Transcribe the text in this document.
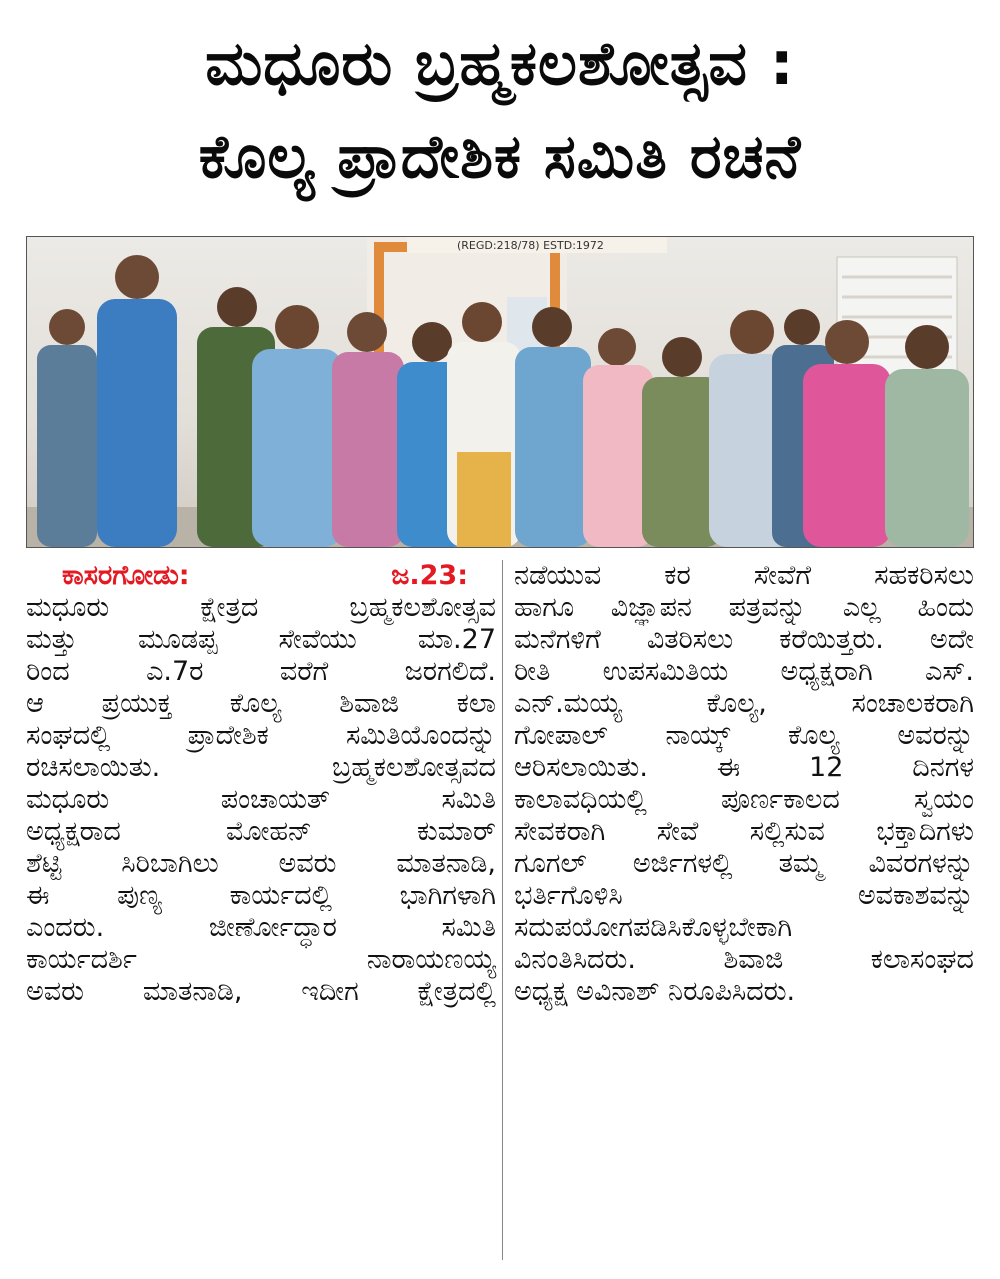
ಮಧೂರು ಬ್ರಹ್ಮಕಲಶೋತ್ಸವ :
ಕೊಲ್ಯ ಪ್ರಾದೇಶಿಕ ಸಮಿತಿ ರಚನೆ
(REGD:218/78) ESTD:1972
ಕಾಸರಗೋಡು:	ಜ.23:

ಮಧೂರು ಕ್ಷೇತ್ರದ ಬ್ರಹ್ಮಕಲಶೋತ್ಸವ

ಮತ್ತು ಮೂಡಪ್ಪ ಸೇವೆಯು ಮಾ.27

ರಿಂದ ಎ.7ರ ವರೆಗೆ ಜರಗಲಿದೆ.

ಆ ಪ್ರಯುಕ್ತ ಕೊಲ್ಯ ಶಿವಾಜಿ ಕಲಾ

ಸಂಘದಲ್ಲಿ ಪ್ರಾದೇಶಿಕ ಸಮಿತಿಯೊಂದನ್ನು

ರಚಿಸಲಾಯಿತು. ಬ್ರಹ್ಮಕಲಶೋತ್ಸವದ

ಮಧೂರು ಪಂಚಾಯತ್ ಸಮಿತಿ

ಅಧ್ಯಕ್ಷರಾದ ಮೋಹನ್ ಕುಮಾರ್

ಶೆಟ್ಟಿ ಸಿರಿಬಾಗಿಲು ಅವರು ಮಾತನಾಡಿ,

ಈ ಪುಣ್ಯ ಕಾರ್ಯದಲ್ಲಿ ಭಾಗಿಗಳಾಗಿ

ಎಂದರು. ಜೀರ್ಣೋದ್ಧಾರ ಸಮಿತಿ

ಕಾರ್ಯದರ್ಶಿ ನಾರಾಯಣಯ್ಯ

ಅವರು ಮಾತನಾಡಿ, ಇದೀಗ ಕ್ಷೇತ್ರದಲ್ಲಿ

ನಡೆಯುವ ಕರ ಸೇವೆಗೆ ಸಹಕರಿಸಲು

ಹಾಗೂ ವಿಜ್ಞಾಪನ ಪತ್ರವನ್ನು ಎಲ್ಲ ಹಿಂದು

ಮನೆಗಳಿಗೆ ವಿತರಿಸಲು ಕರೆಯಿತ್ತರು. ಅದೇ

ರೀತಿ ಉಪಸಮಿತಿಯ ಅಧ್ಯಕ್ಷರಾಗಿ ಎಸ್.

ಎನ್.ಮಯ್ಯ ಕೊಲ್ಯ, ಸಂಚಾಲಕರಾಗಿ

ಗೋಪಾಲ್ ನಾಯ್ಕ್ ಕೊಲ್ಯ ಅವರನ್ನು

ಆರಿಸಲಾಯಿತು. ಈ 12 ದಿನಗಳ

ಕಾಲಾವಧಿಯಲ್ಲಿ ಪೂರ್ಣಕಾಲದ ಸ್ವಯಂ

ಸೇವಕರಾಗಿ ಸೇವೆ ಸಲ್ಲಿಸುವ ಭಕ್ತಾದಿಗಳು

ಗೂಗಲ್ ಅರ್ಜಿಗಳಲ್ಲಿ ತಮ್ಮ ವಿವರಗಳನ್ನು

ಭರ್ತಿಗೊಳಿಸಿ ಅವಕಾಶವನ್ನು

ಸದುಪಯೋಗಪಡಿಸಿಕೊಳ್ಳಬೇಕಾಗಿ

ವಿನಂತಿಸಿದರು. ಶಿವಾಜಿ ಕಲಾಸಂಘದ

ಅಧ್ಯಕ್ಷ ಅವಿನಾಶ್ ನಿರೂಪಿಸಿದರು.
